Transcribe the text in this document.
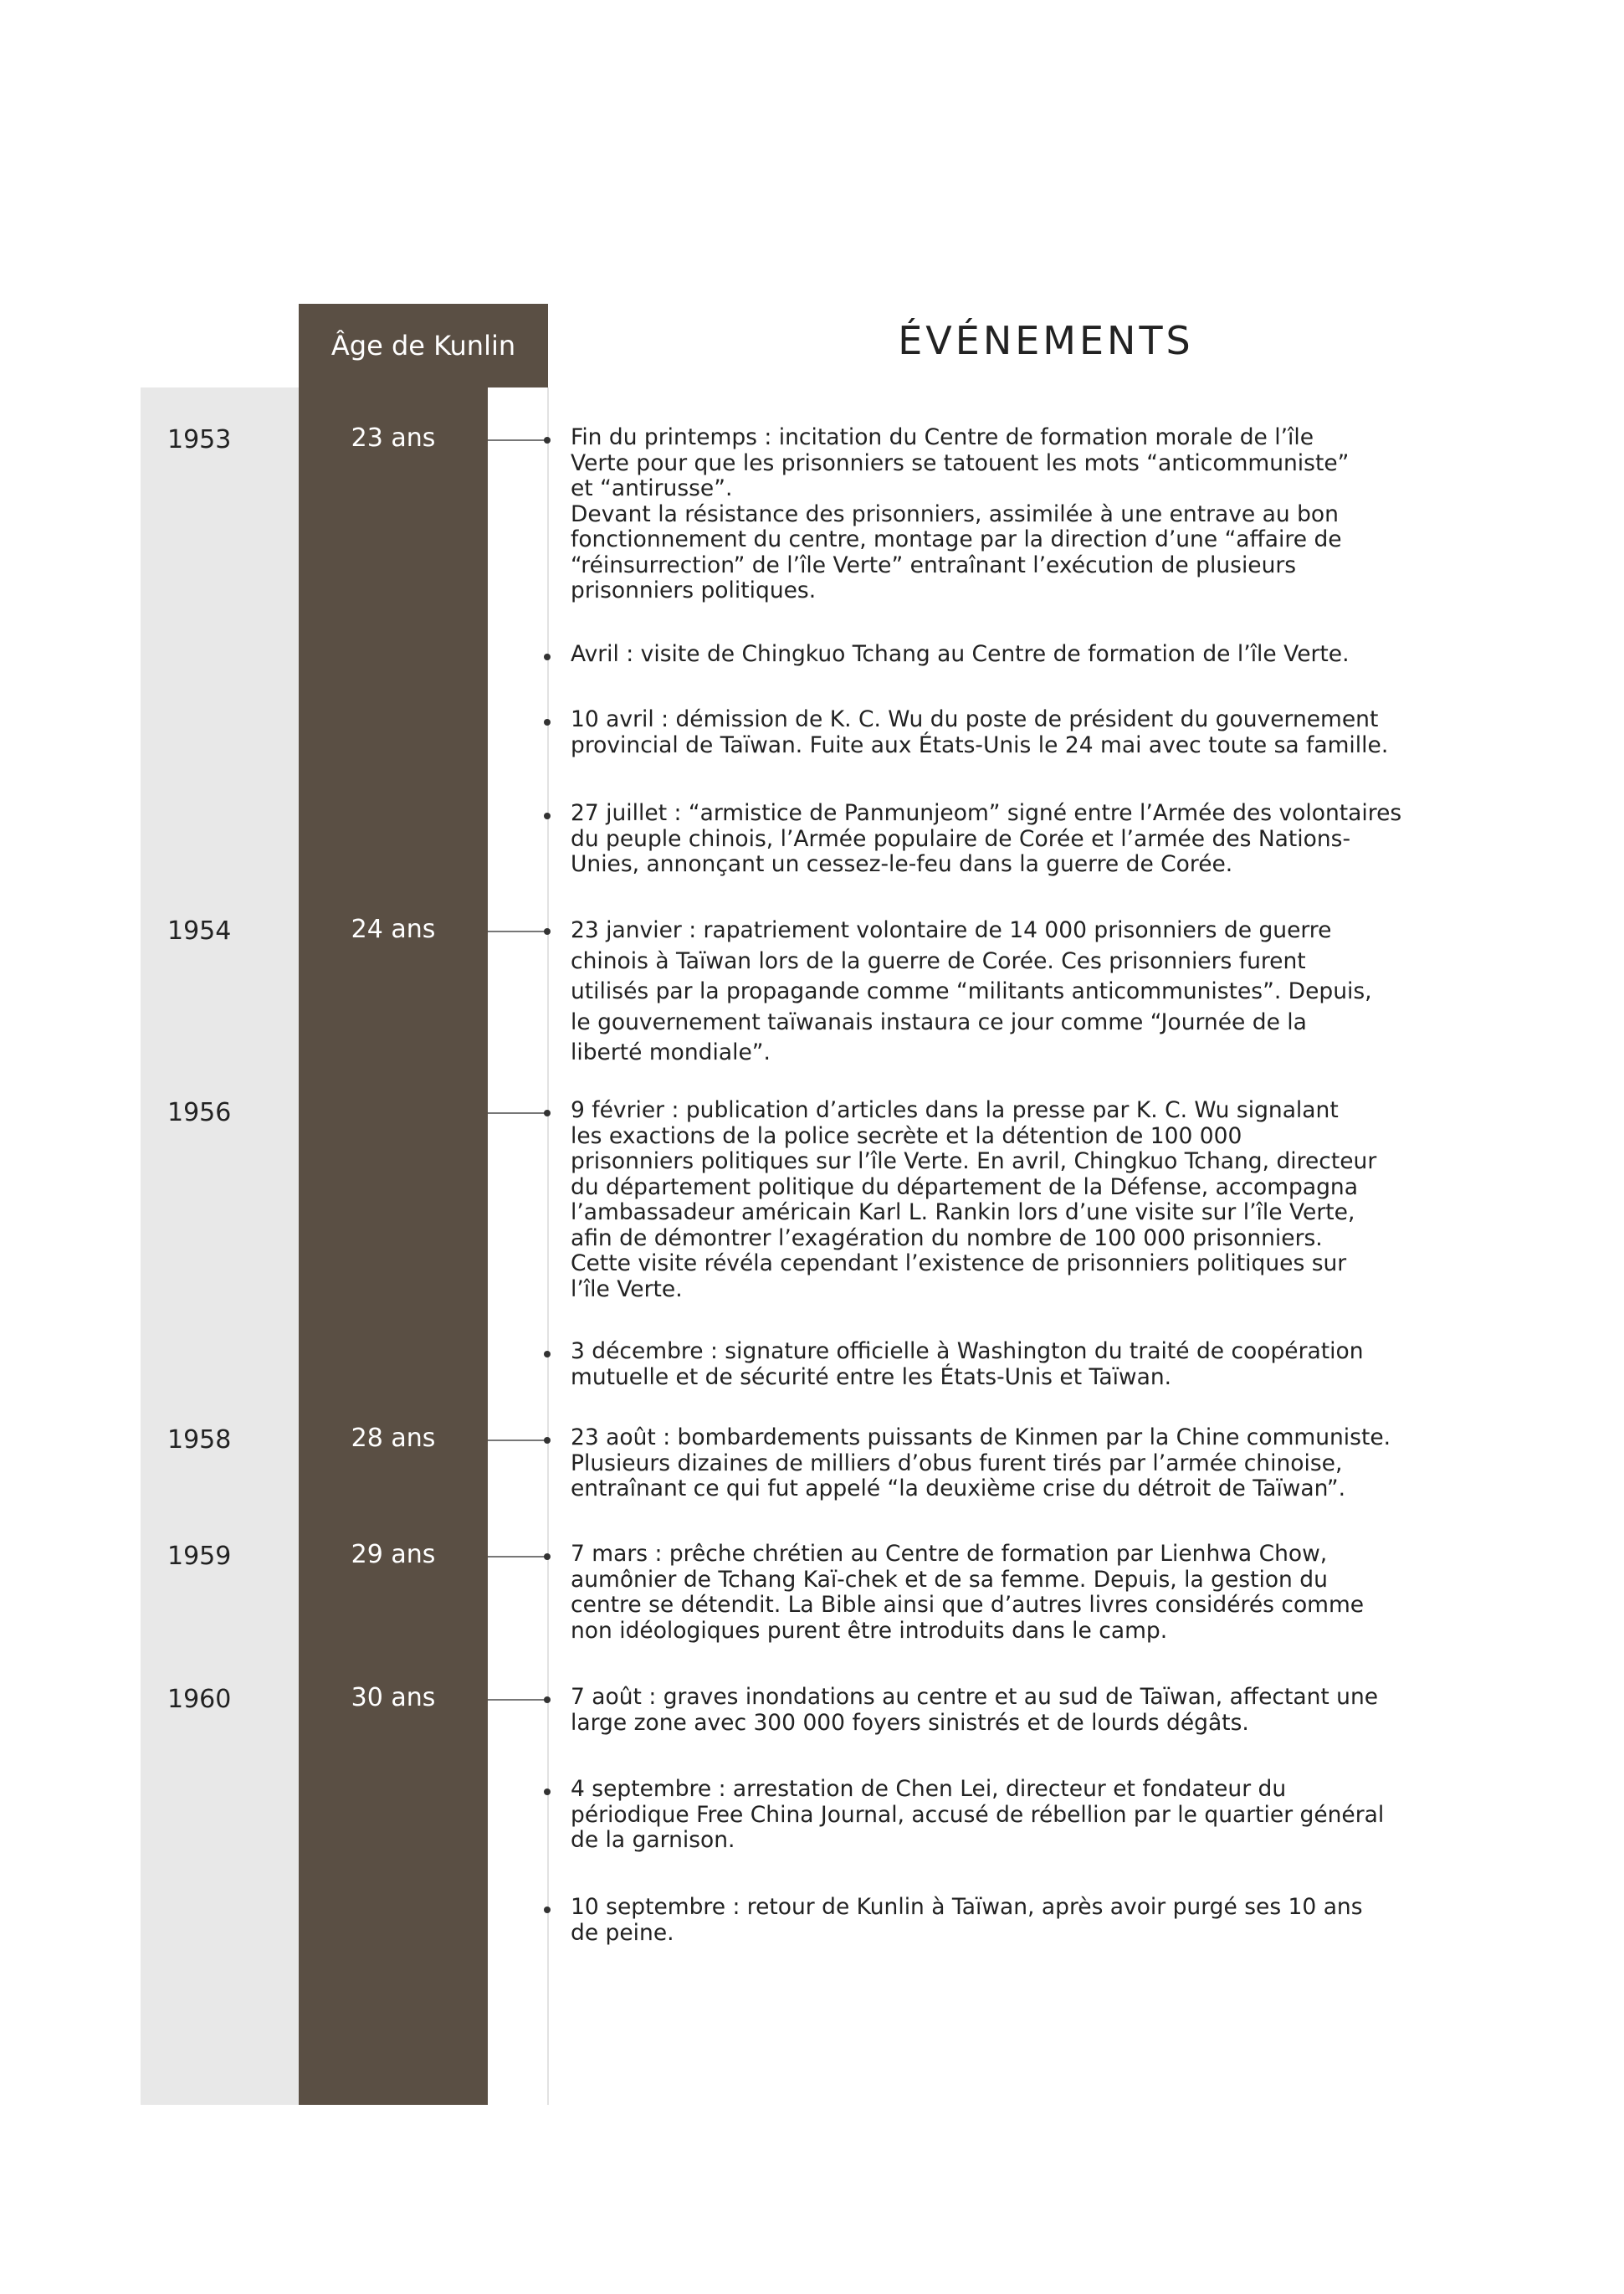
Âge de Kunlin	ÉVÉNEMENTS
1953
1954
1956
1958
1959
1960
23 ans
24 ans
28 ans
29 ans
30 ans
Fin du printemps : incitation du Centre de formation morale de l’île
Verte pour que les prisonniers se tatouent les mots “anticommuniste”
et “antirusse”.
Devant la résistance des prisonniers, assimilée à une entrave au bon
fonctionnement du centre, montage par la direction d’une “affaire de
“réinsurrection” de l’île Verte” entraînant l’exécution de plusieurs
prisonniers politiques.
Avril : visite de Chingkuo Tchang au Centre de formation de l’île Verte.
10 avril : démission de K. C. Wu du poste de président du gouvernement
provincial de Taïwan. Fuite aux États-Unis le 24 mai avec toute sa famille.
27 juillet : “armistice de Panmunjeom” signé entre l’Armée des volontaires
du peuple chinois, l’Armée populaire de Corée et l’armée des Nations-
Unies, annonçant un cessez-le-feu dans la guerre de Corée.
23 janvier : rapatriement volontaire de 14 000 prisonniers de guerre
chinois à Taïwan lors de la guerre de Corée. Ces prisonniers furent
utilisés par la propagande comme “militants anticommunistes”. Depuis,
le gouvernement taïwanais instaura ce jour comme “Journée de la
liberté mondiale”.
9 février : publication d’articles dans la presse par K. C. Wu signalant
les exactions de la police secrète et la détention de 100 000
prisonniers politiques sur l’île Verte. En avril, Chingkuo Tchang, directeur
du département politique du département de la Défense, accompagna
l’ambassadeur américain Karl L. Rankin lors d’une visite sur l’île Verte,
afin de démontrer l’exagération du nombre de 100 000 prisonniers.
Cette visite révéla cependant l’existence de prisonniers politiques sur
l’île Verte.
3 décembre : signature officielle à Washington du traité de coopération
mutuelle et de sécurité entre les États-Unis et Taïwan.
23 août : bombardements puissants de Kinmen par la Chine communiste.
Plusieurs dizaines de milliers d’obus furent tirés par l’armée chinoise,
entraînant ce qui fut appelé “la deuxième crise du détroit de Taïwan”.
7 mars : prêche chrétien au Centre de formation par Lienhwa Chow,
aumônier de Tchang Kaï-chek et de sa femme. Depuis, la gestion du
centre se détendit. La Bible ainsi que d’autres livres considérés comme
non idéologiques purent être introduits dans le camp.
7 août : graves inondations au centre et au sud de Taïwan, affectant une
large zone avec 300 000 foyers sinistrés et de lourds dégâts.
4 septembre : arrestation de Chen Lei, directeur et fondateur du
périodique Free China Journal, accusé de rébellion par le quartier général
de la garnison.
10 septembre : retour de Kunlin à Taïwan, après avoir purgé ses 10 ans
de peine.
